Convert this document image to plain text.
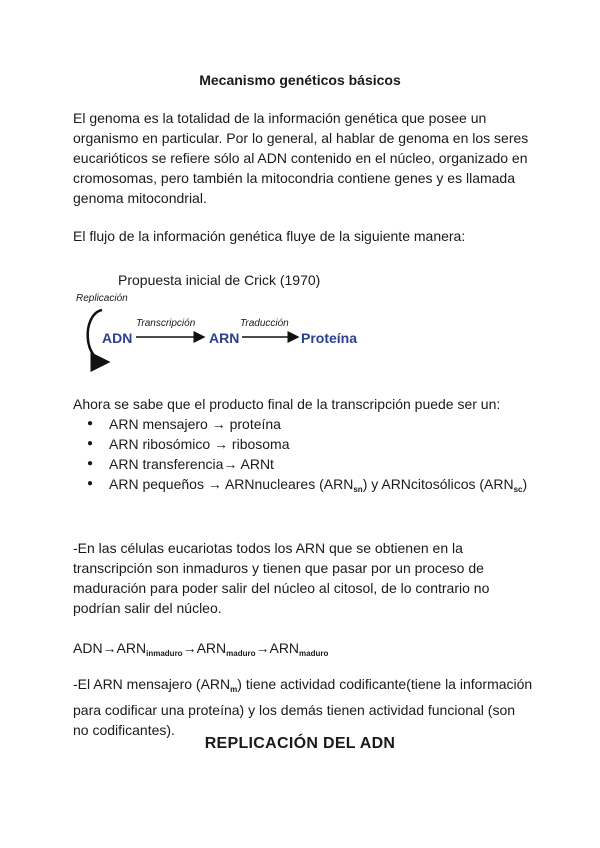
Mecanismo genéticos básicos

El genoma es la totalidad de la información genética que posee un organismo en particular. Por lo general, al hablar de genoma en los seres eucarióticos se refiere sólo al ADN contenido en el núcleo, organizado en cromosomas, pero también la mitocondria contiene genes y es llamada genoma mitocondrial.

El flujo de la información genética fluye de la siguiente manera:

Propuesta inicial de Crick (1970)
Replicación
ADN
Transcripción
ARN
Traducción
Proteína

Ahora se sabe que el producto final de la transcripción puede ser un:

● ARN mensajero → proteína
● ARN ribosómico → ribosoma
● ARN transferencia→ ARNt
● ARN pequeños → ARNnucleares $(ARN_{sn})$ y ARNcitosólicos $(ARN_{sc})$

-En las células eucariotas todos los ARN que se obtienen en la transcripción son inmaduros y tienen que pasar por un proceso de maduración para poder salir del núcleo al citosol, de lo contrario no podrían salir del núcleo.

$ADN\to ARN_{inmaduro}\to ARN_{maduro}\to ARN_{maduro}$

-El ARN mensajero $(ARN_m)$ tiene actividad codificante(tiene la información para codificar una proteína) y los demás tienen actividad funcional (son no codificantes).

REPLICACIÓN DEL ADN
